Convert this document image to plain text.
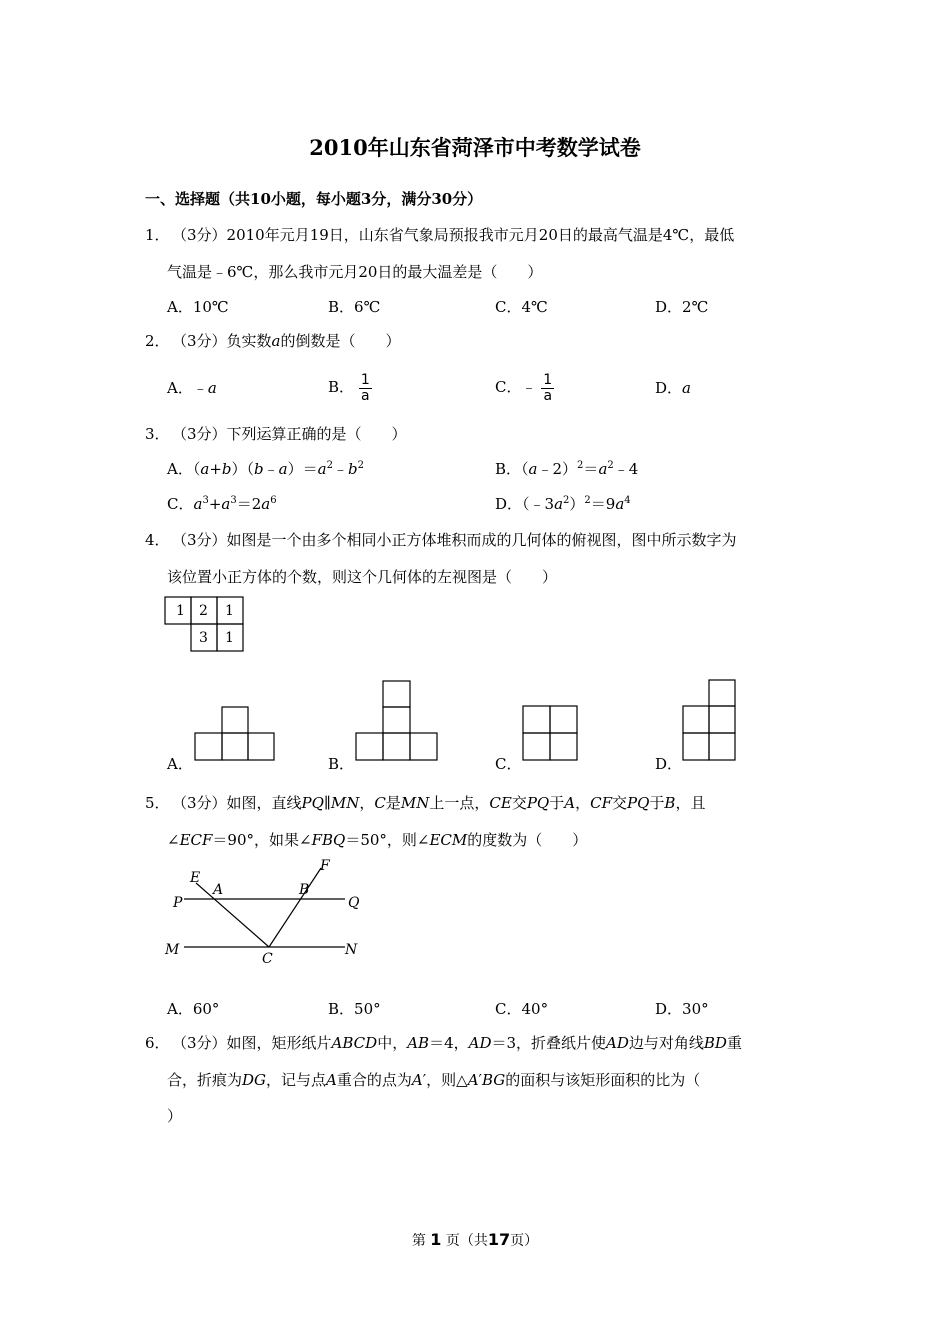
2010年山东省菏泽市中考数学试卷
一、选择题（共10小题，每小题3分，满分30分）
1． （3分）2010年元月19日，山东省气象局预报我市元月20日的最高气温是4℃，最低
气温是﹣6℃，那么我市元月20日的最大温差是（　　）
A．10℃	B．6℃	C．4℃	D．2℃
2． （3分）负实数a的倒数是（　　）
A．﹣a	B． $\frac{1}{a}$	C．﹣ $\frac{1}{a}$	D．a
3． （3分）下列运算正确的是（　　）
A．$(a+b)(b﹣a)=a^2﹣b^2$	B．$(a﹣2)^2=a^2﹣4$
C．$a^3+a^3=2a^6$	D．$(﹣3a^2)^2=9a^4$
4． （3分）如图是一个由多个相同小正方体堆积而成的几何体的俯视图，图中所示数字为
该位置小正方体的个数，则这个几何体的左视图是（　　）
1 2 1
3 1
A．	B．	C．	D．
5． （3分）如图，直线PQ∥MN，C是MN上一点，CE交PQ于A，CF交PQ于B，且
∠ECF＝90°，如果∠FBQ＝50°，则∠ECM的度数为（　　）
E
A	B
F
P	Q
M
C
N
A．60°	B．50°	C．40°	D．30°
6． （3分）如图，矩形纸片ABCD中，AB＝4，AD＝3，折叠纸片使AD边与对角线BD重
合，折痕为DG，记与点A重合的点为A′，则△A′BG的面积与该矩形面积的比为（
）
第 1 页（共17页）
